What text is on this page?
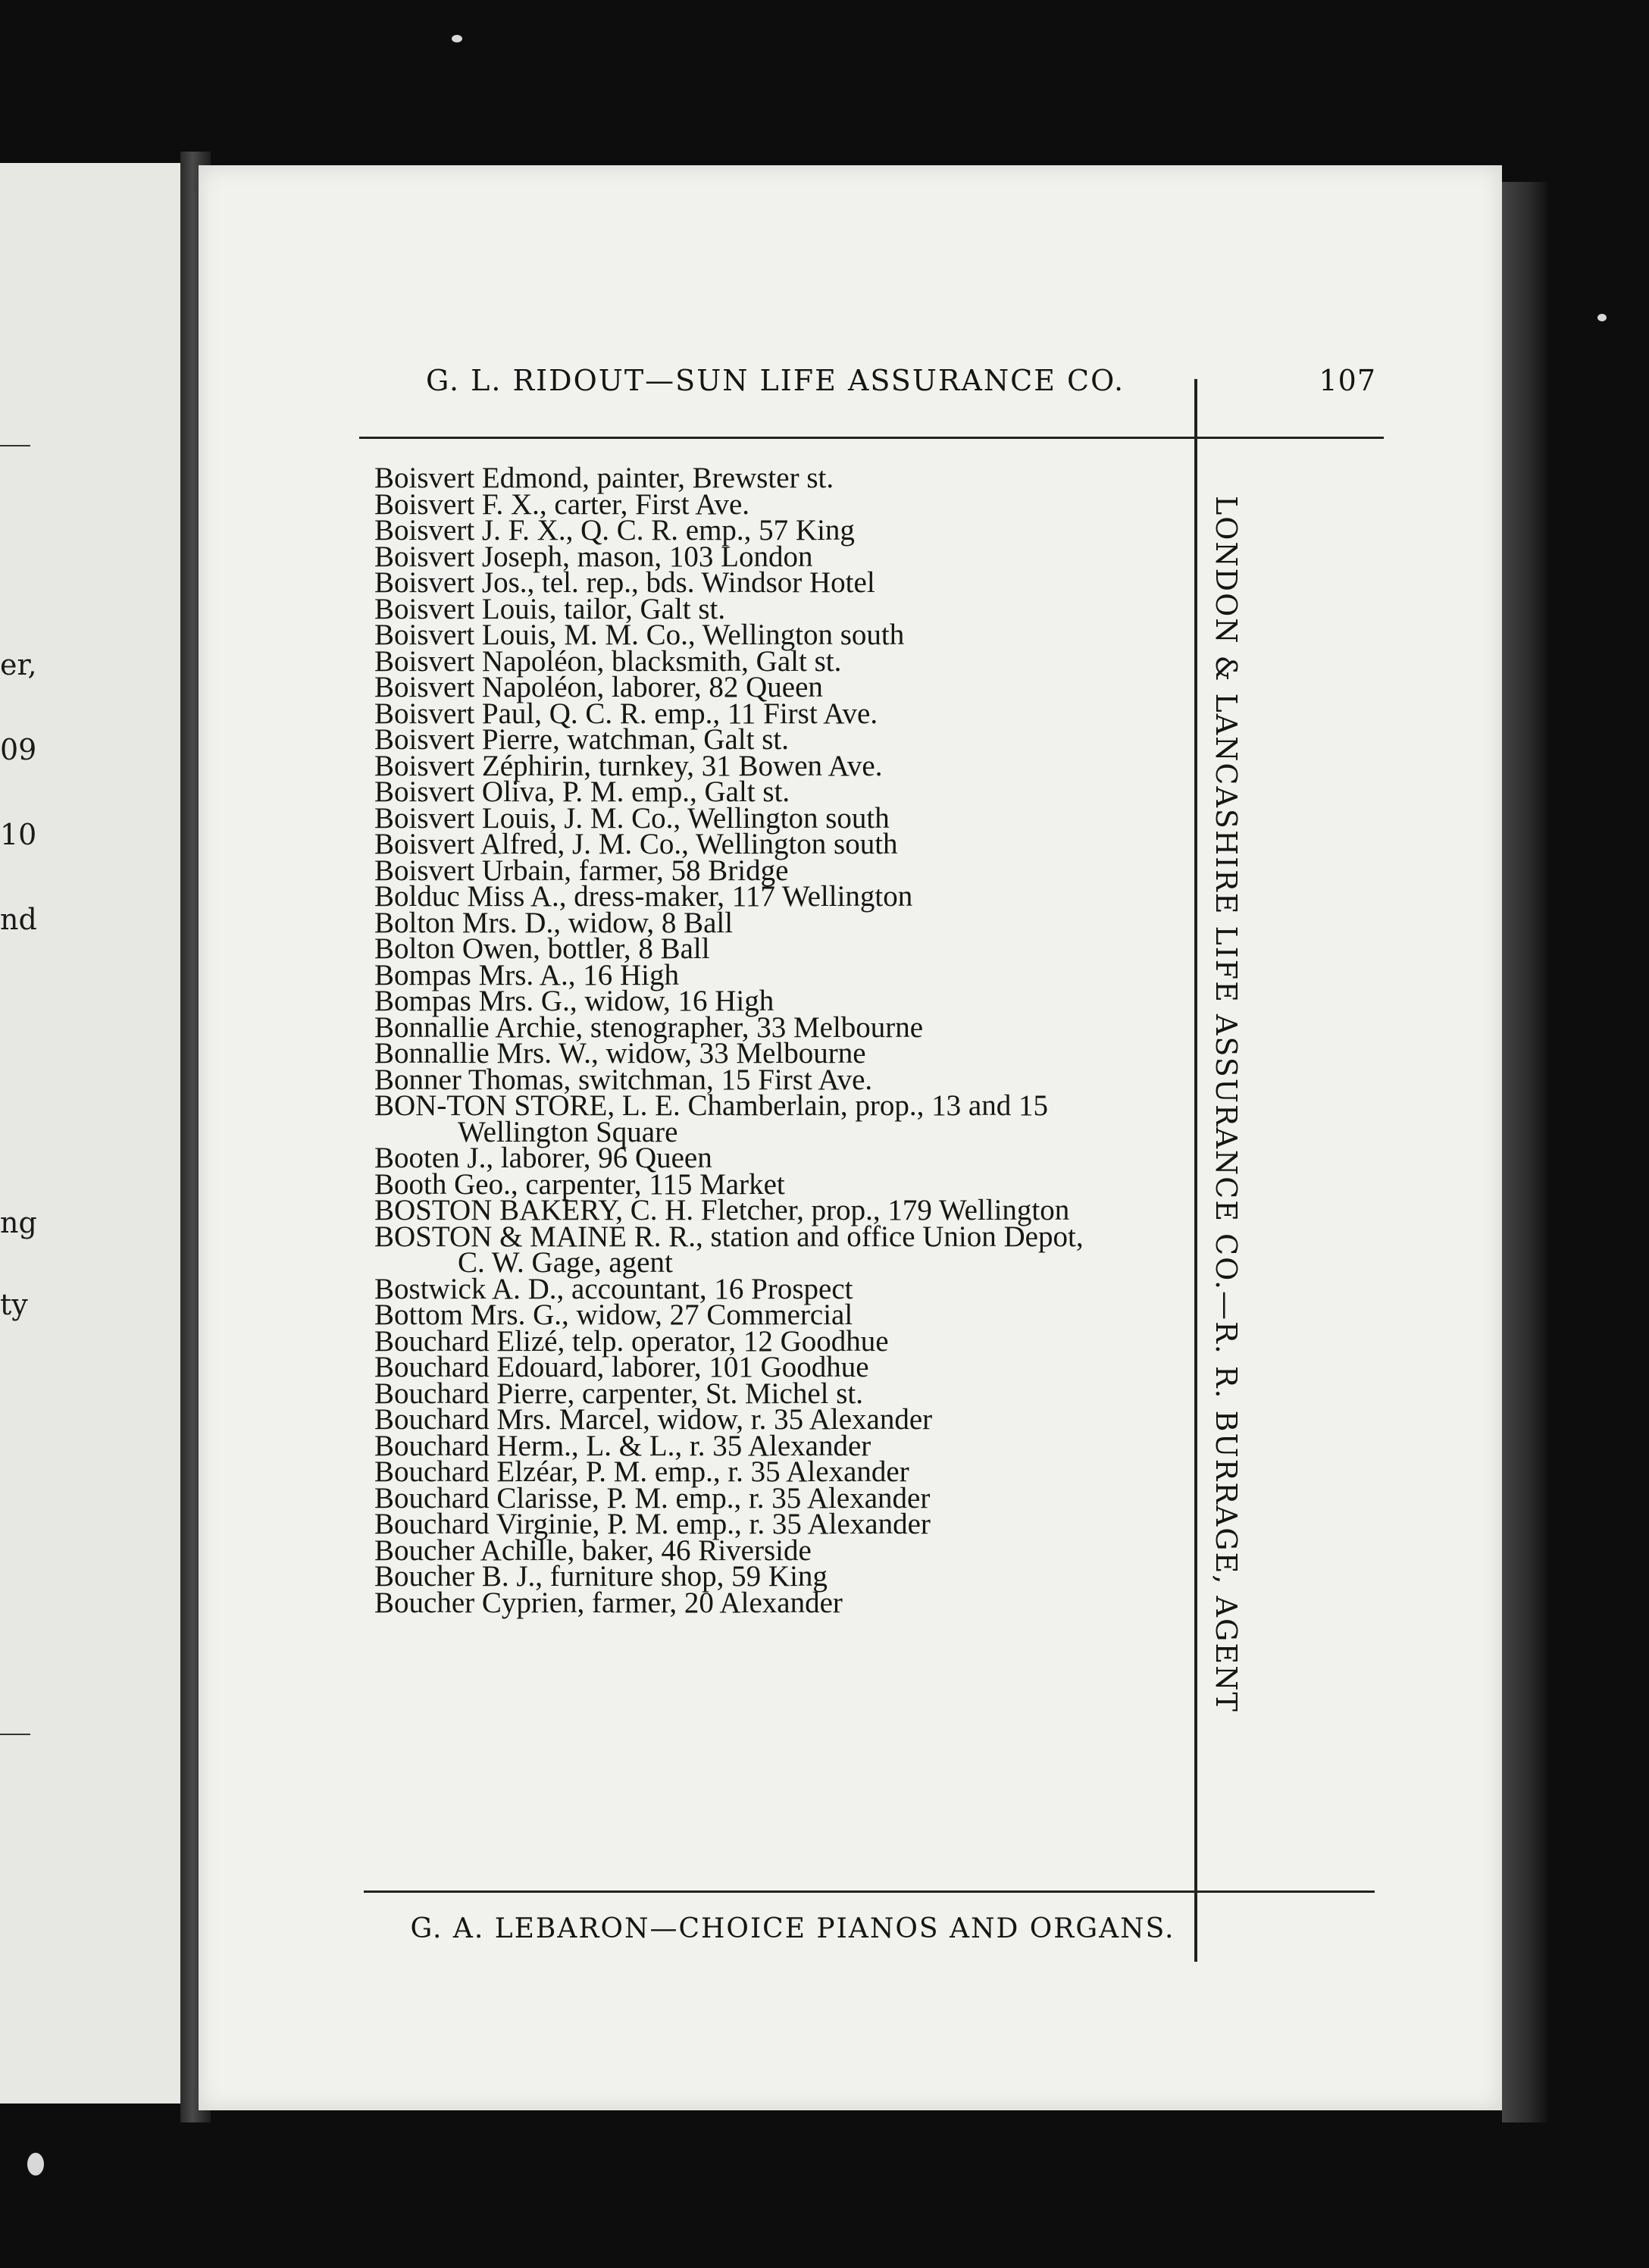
er,
09
10
nd
ng
ty
G. L. RIDOUT—SUN LIFE ASSURANCE CO.	107
LONDON & LANCASHIRE LIFE ASSURANCE CO.—R. R. BURRAGE, AGENT

Boisvert Edmond, painter, Brewster st.

Boisvert F. X., carter, First Ave.

Boisvert J. F. X., Q. C. R. emp., 57 King

Boisvert Joseph, mason, 103 London

Boisvert Jos., tel. rep., bds. Windsor Hotel

Boisvert Louis, tailor, Galt st.

Boisvert Louis, M. M. Co., Wellington south

Boisvert Napoléon, blacksmith, Galt st.

Boisvert Napoléon, laborer, 82 Queen

Boisvert Paul, Q. C. R. emp., 11 First Ave.

Boisvert Pierre, watchman, Galt st.

Boisvert Zéphirin, turnkey, 31 Bowen Ave.

Boisvert Oliva, P. M. emp., Galt st.

Boisvert Louis, J. M. Co., Wellington south

Boisvert Alfred, J. M. Co., Wellington south

Boisvert Urbain, farmer, 58 Bridge

Bolduc Miss A., dress-maker, 117 Wellington

Bolton Mrs. D., widow, 8 Ball

Bolton Owen, bottler, 8 Ball

Bompas Mrs. A., 16 High

Bompas Mrs. G., widow, 16 High

Bonnallie Archie, stenographer, 33 Melbourne

Bonnallie Mrs. W., widow, 33 Melbourne

Bonner Thomas, switchman, 15 First Ave.

BON-TON STORE, L. E. Chamberlain, prop., 13 and 15

Wellington Square

Booten J., laborer, 96 Queen

Booth Geo., carpenter, 115 Market

BOSTON BAKERY, C. H. Fletcher, prop., 179 Wellington

BOSTON & MAINE R. R., station and office Union Depot,

C. W. Gage, agent

Bostwick A. D., accountant, 16 Prospect

Bottom Mrs. G., widow, 27 Commercial

Bouchard Elizé, telp. operator, 12 Goodhue

Bouchard Edouard, laborer, 101 Goodhue

Bouchard Pierre, carpenter, St. Michel st.

Bouchard Mrs. Marcel, widow, r. 35 Alexander

Bouchard Herm., L. & L., r. 35 Alexander

Bouchard Elzéar, P. M. emp., r. 35 Alexander

Bouchard Clarisse, P. M. emp., r. 35 Alexander

Bouchard Virginie, P. M. emp., r. 35 Alexander

Boucher Achille, baker, 46 Riverside

Boucher B. J., furniture shop, 59 King

Boucher Cyprien, farmer, 20 Alexander

G. A. LEBARON—CHOICE PIANOS AND ORGANS.
